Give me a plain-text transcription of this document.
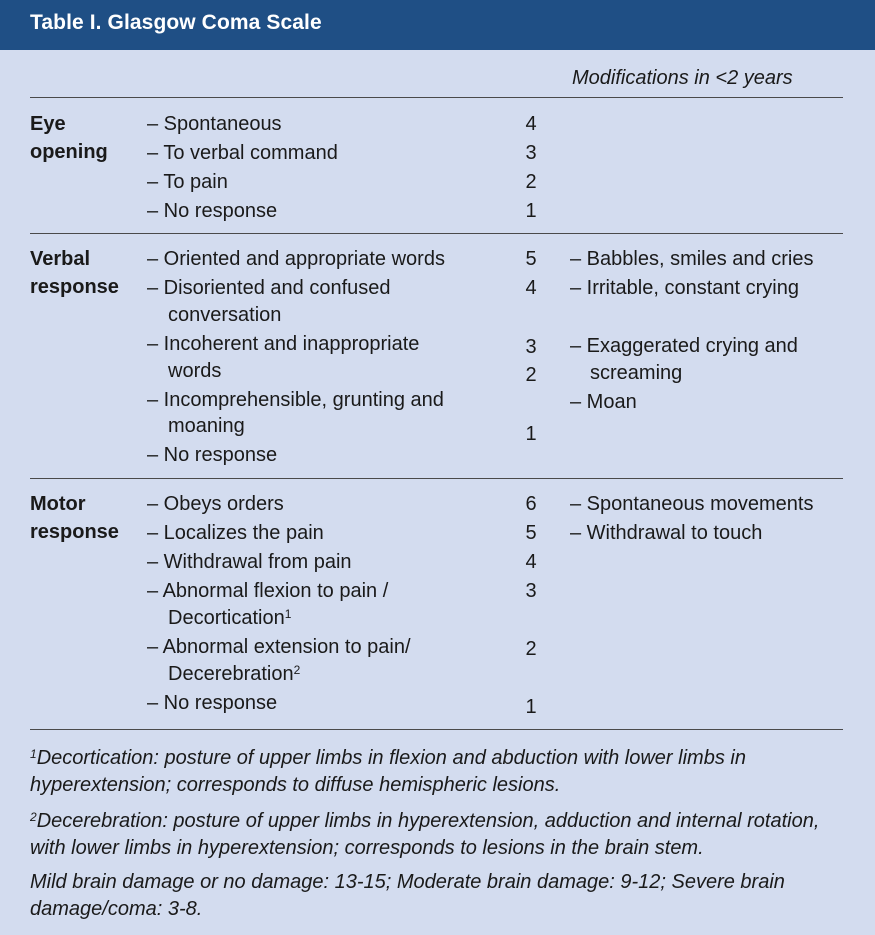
Table I. Glasgow Coma Scale
Modifications in <2 years
Eye
opening
– Spontaneous
– To verbal command
– To pain
– No response
4
3
2
1
Verbal
response
– Oriented and appropriate words
– Disoriented and confused
conversation
– Incoherent and inappropriate
words
– Incomprehensible, grunting and
moaning
– No response
5
4
3
2
1
– Babbles, smiles and cries
– Irritable, constant crying
– Exaggerated crying and
screaming
– Moan
Motor
response
– Obeys orders
– Localizes the pain
– Withdrawal from pain
– Abnormal flexion to pain /
Decortication$^1$
– Abnormal extension to pain/
Decerebration$^2$
– No response
6
5
4
3
2
1
– Spontaneous movements
– Withdrawal to touch
$^1$Decortication: posture of upper limbs in flexion and abduction with lower limbs in hyperextension; corresponds to diffuse hemispheric lesions.
$^2$Decerebration: posture of upper limbs in hyperextension, adduction and internal rotation, with lower limbs in hyperextension; corresponds to lesions in the brain stem.
Mild brain damage or no damage: 13-15; Moderate brain damage: 9-12; Severe brain damage/coma: 3-8.
